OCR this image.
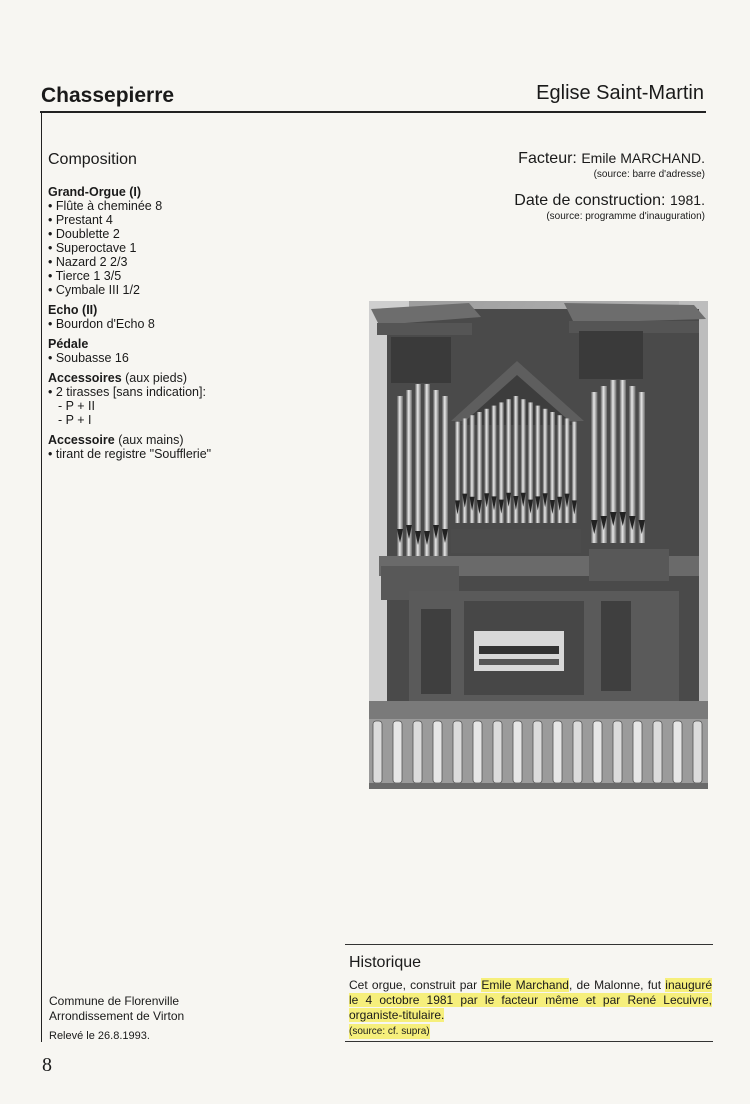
Chassepierre	Eglise Saint-Martin
Composition
Grand-Orgue (I)
• Flûte à cheminée 8
• Prestant 4
• Doublette 2
• Superoctave 1
• Nazard 2 2/3
• Tierce 1 3/5
• Cymbale III 1/2
Echo (II)
• Bourdon d'Echo 8
Pédale
• Soubasse 16
Accessoires (aux pieds)
• 2 tirasses [sans indication]:
- P + II
- P + I
Accessoire (aux mains)
• tirant de registre "Soufflerie"
Facteur: Emile MARCHAND.
(source: barre d'adresse)
Date de construction: 1981.
(source: programme d'inauguration)
Historique
Cet orgue, construit par Emile Marchand, de Malonne, fut inauguré le 4 octobre 1981 par le facteur même et par René Lecuivre, organiste-titulaire.
(source: cf. supra)
Commune de Florenville
Arrondissement de Virton
Relevé le 26.8.1993.
8
